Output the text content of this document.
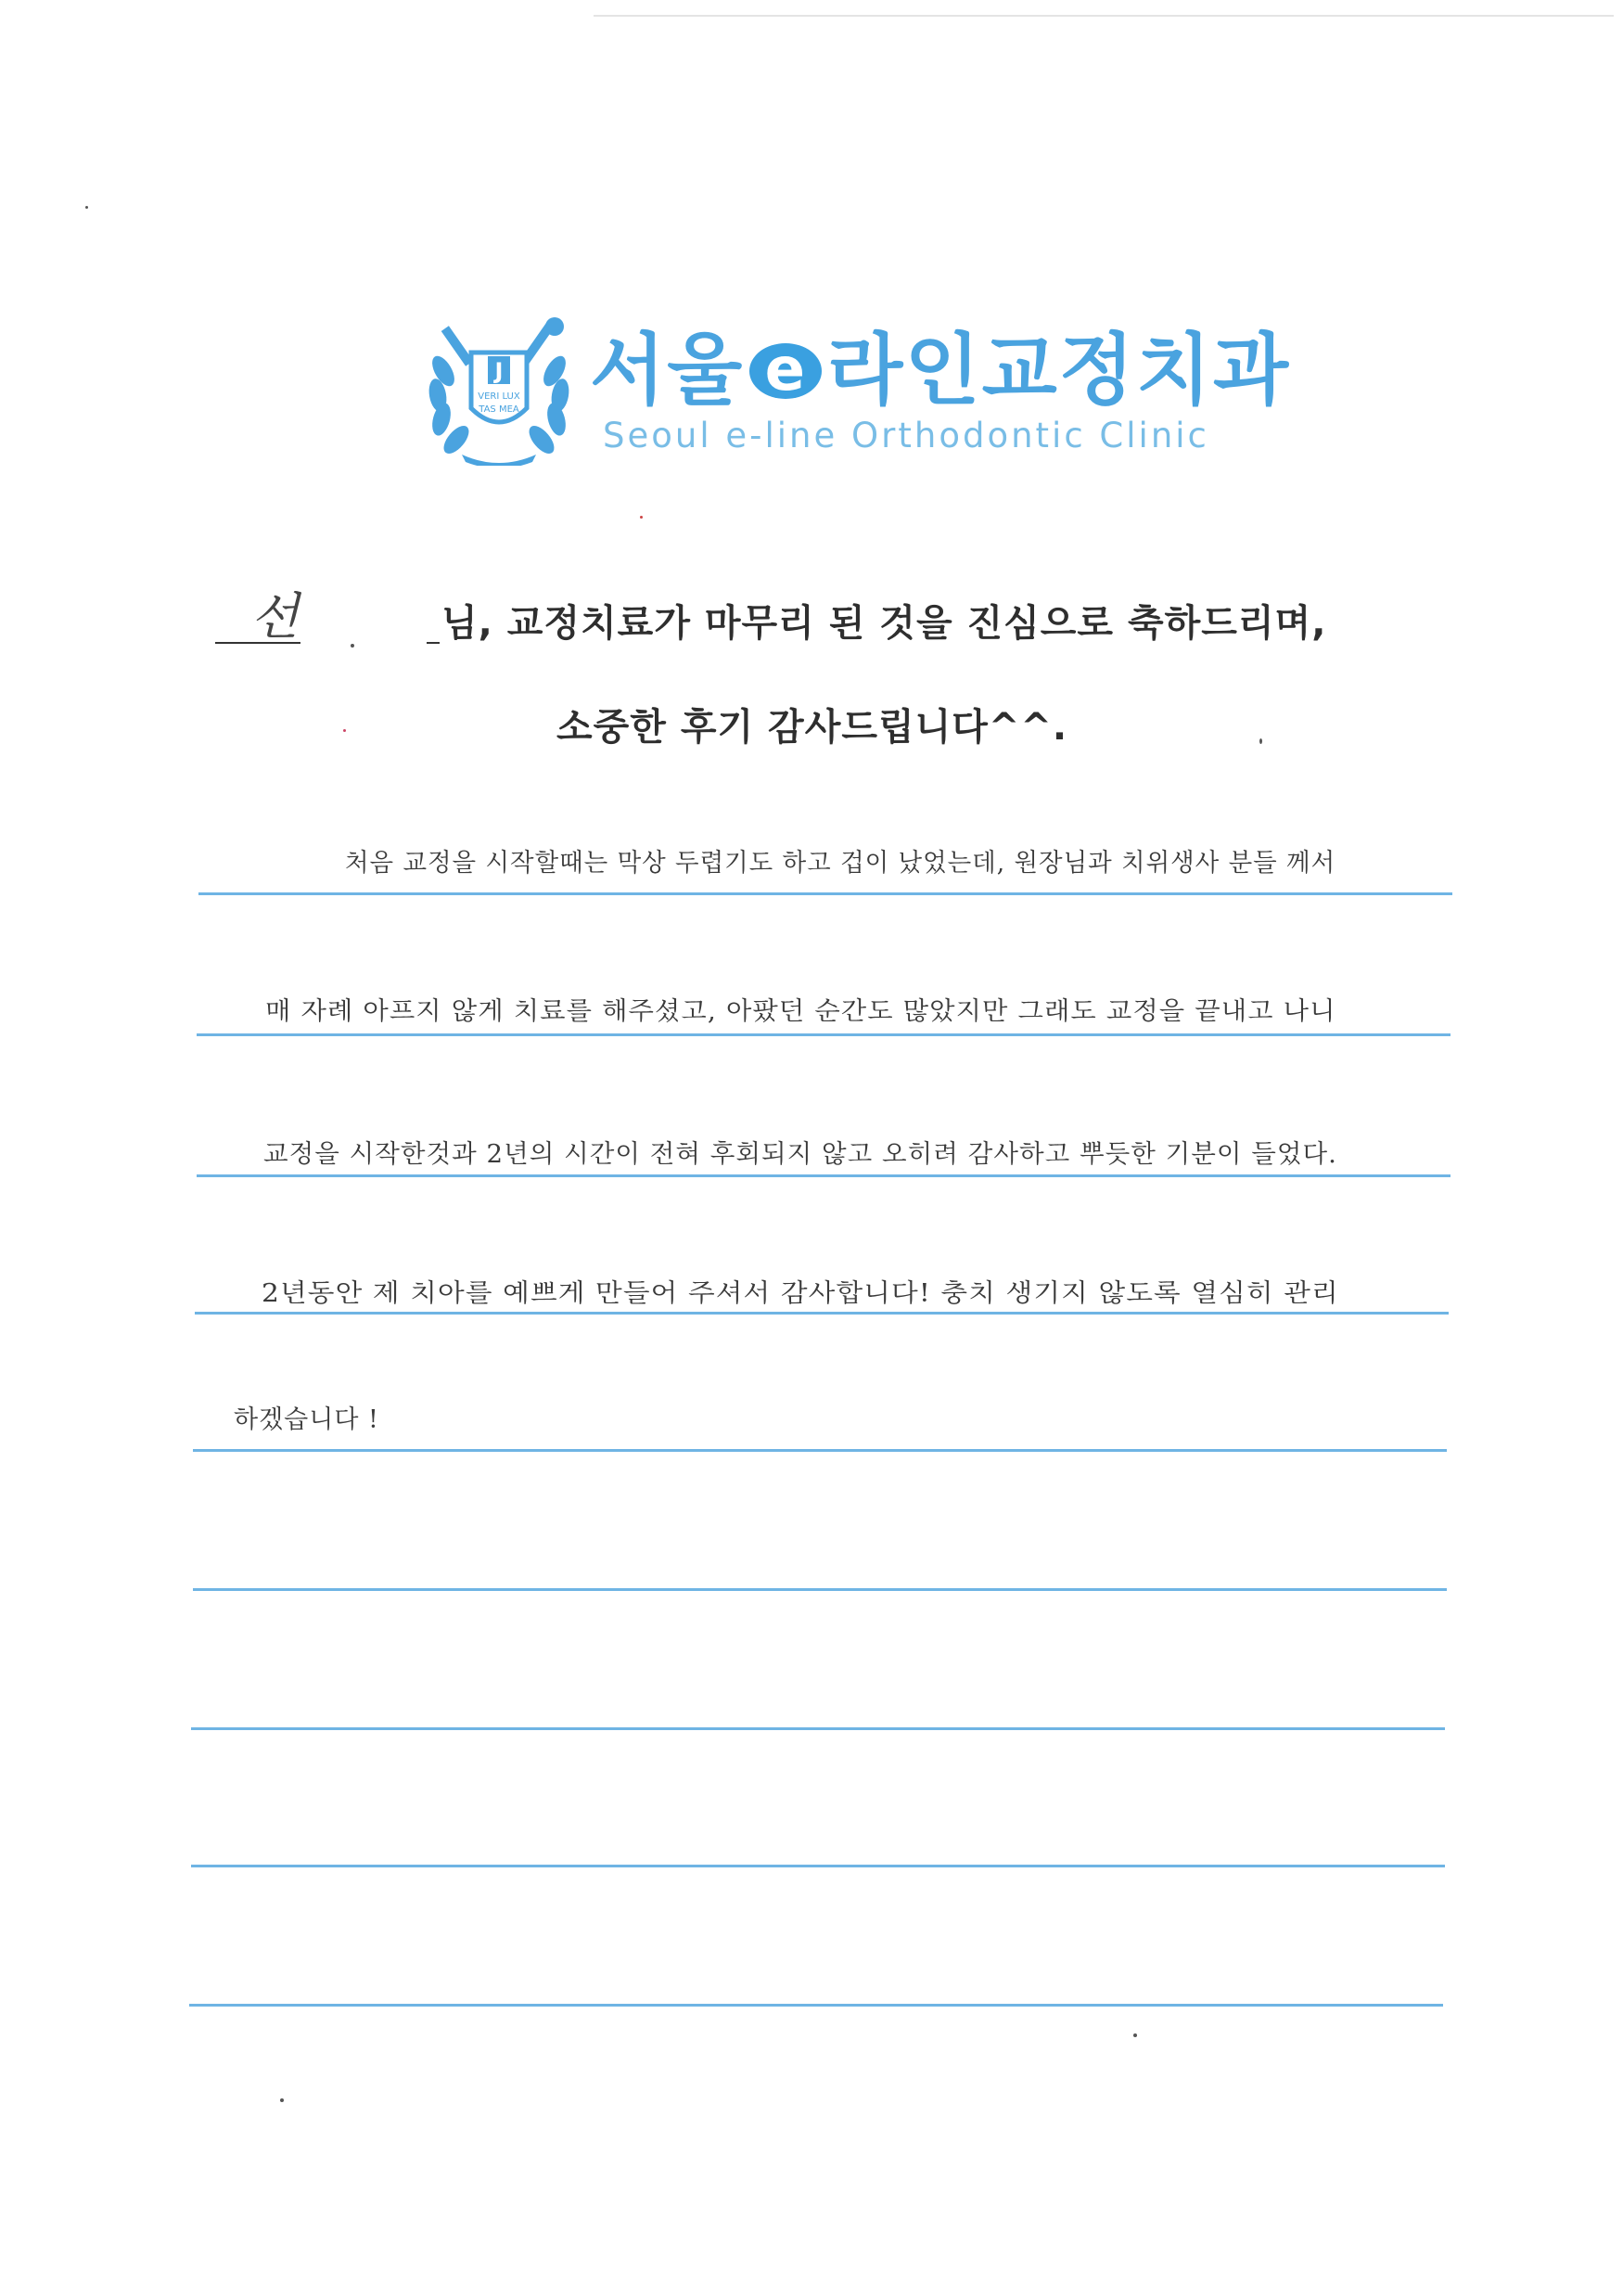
J
VERI LUX
TAS MEA 서울 e 라인교정치과
Seoul e-line Orthodontic Clinic
선	님, 교정치료가 마무리 된 것을 진심으로 축하드리며,
소중한 후기 감사드립니다^^.
처음 교정을 시작할때는 막상 두렵기도 하고 겁이 났었는데, 원장님과 치위생사 분들 께서
매 자례 아프지 않게 치료를 해주셨고, 아팠던 순간도 많았지만 그래도 교정을 끝내고 나니
교정을 시작한것과 2년의 시간이 전혀 후회되지 않고 오히려 감사하고 뿌듯한 기분이 들었다.
2년동안 제 치아를 예쁘게 만들어 주셔서 감사합니다! 충치 생기지 않도록 열심히 관리
하겠습니다 !
